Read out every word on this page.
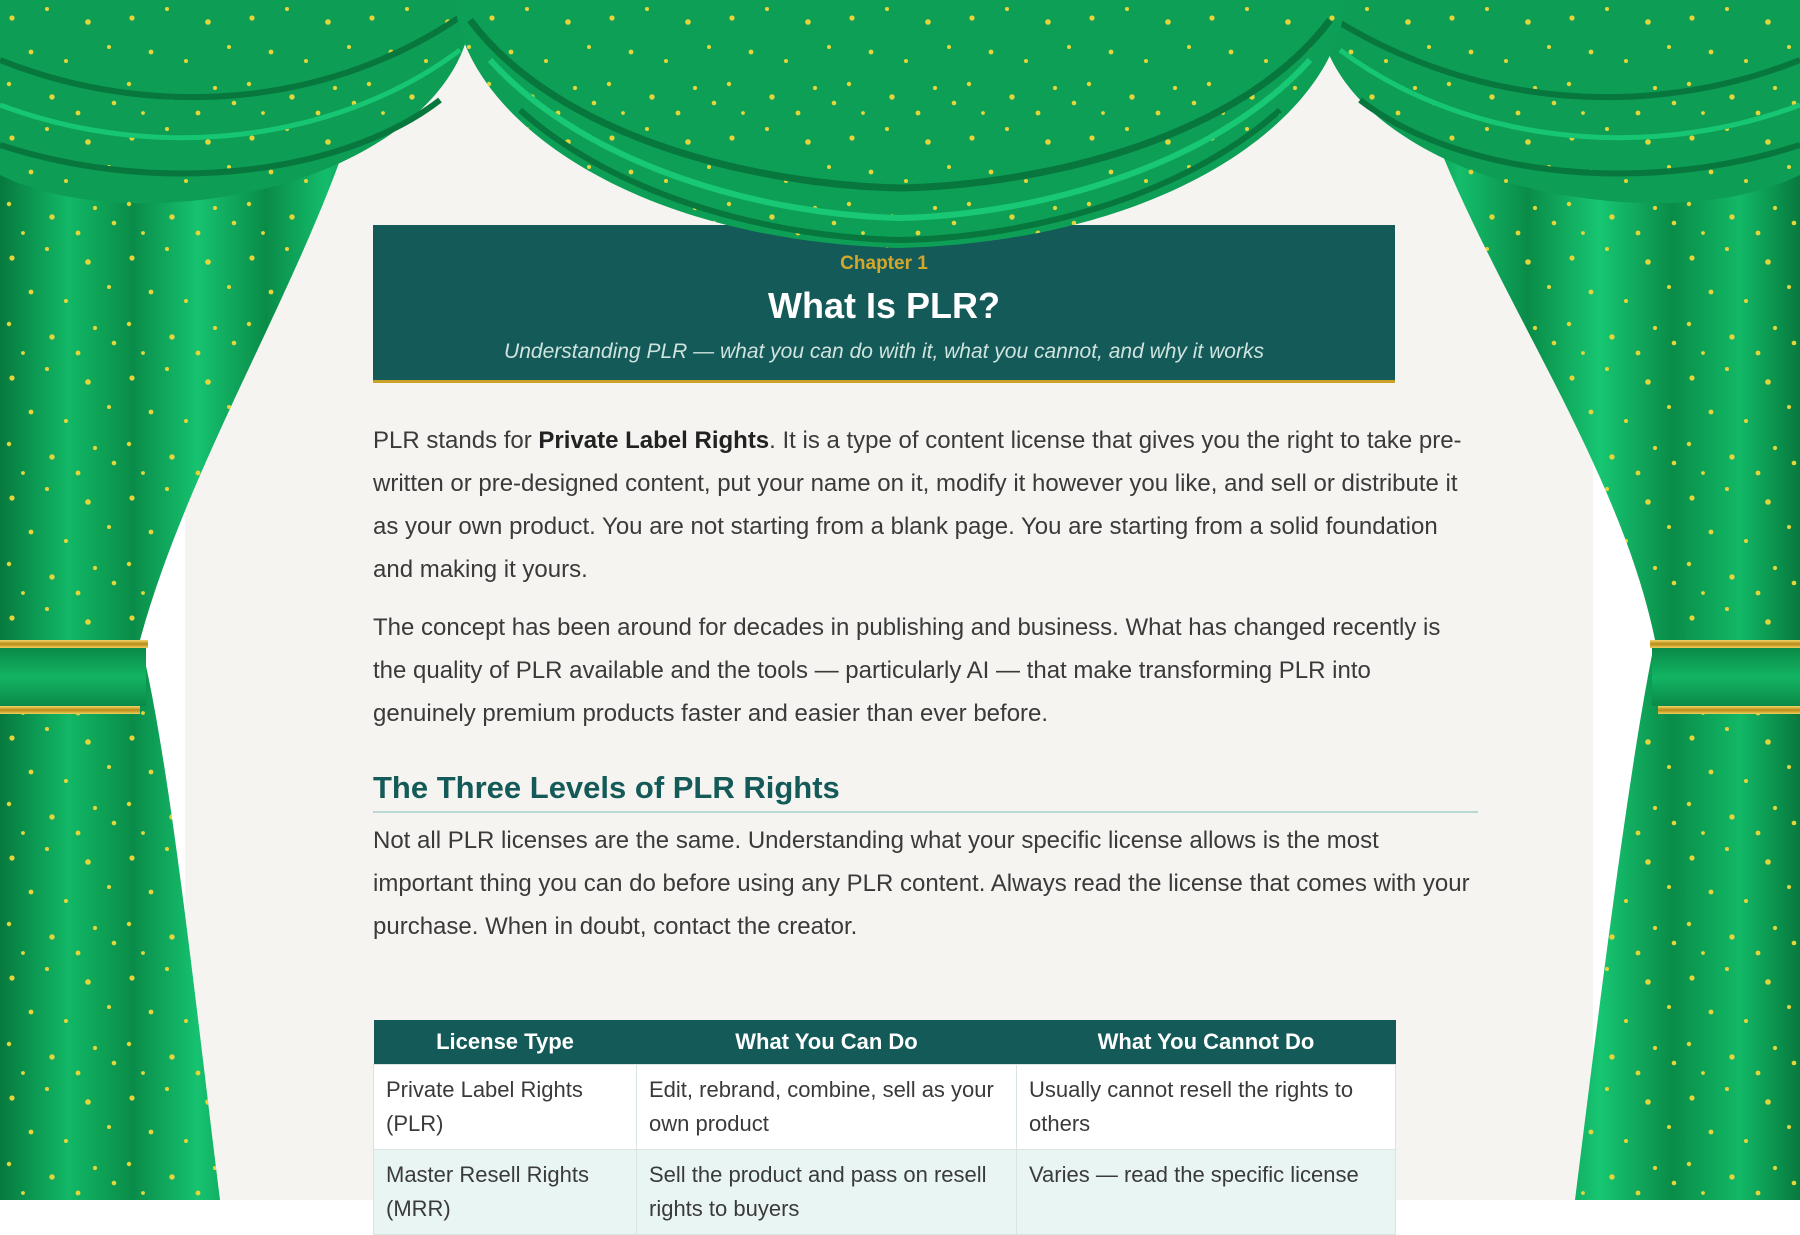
Chapter 1
What Is PLR?
Understanding PLR — what you can do with it, what you cannot, and why it works

PLR stands for Private Label Rights. It is a type of content license that gives you the right to take pre-written or pre-designed content, put your name on it, modify it however you like, and sell or distribute it as your own product. You are not starting from a blank page. You are starting from a solid foundation and making it yours.

The concept has been around for decades in publishing and business. What has changed recently is the quality of PLR available and the tools — particularly AI — that make transforming PLR into genuinely premium products faster and easier than ever before.

The Three Levels of PLR Rights

Not all PLR licenses are the same. Understanding what your specific license allows is the most important thing you can do before using any PLR content. Always read the license that comes with your purchase. When in doubt, contact the creator.

License Type	What You Can Do	What You Cannot Do
Private Label Rights (PLR)	Edit, rebrand, combine, sell as your own product	Usually cannot resell the rights to others
Master Resell Rights (MRR)	Sell the product and pass on resell rights to buyers	Varies — read the specific license
